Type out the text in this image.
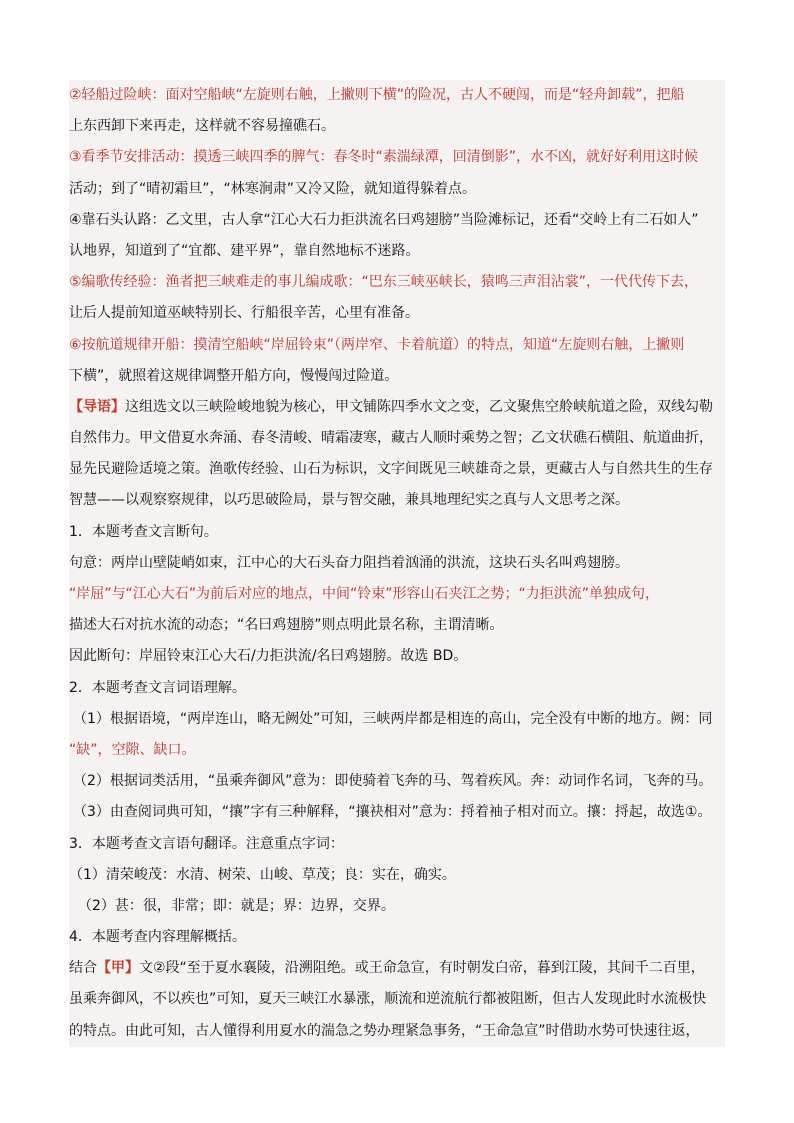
②轻船过险峡：面对空船峡“左旋则右触，上撇则下横”的险况，古人不硬闯，而是“轻舟卸载”，把船
上东西卸下来再走，这样就不容易撞礁石。
③看季节安排活动：摸透三峡四季的脾气：春冬时“素湍绿潭，回清倒影”，水不凶，就好好利用这时候
活动；到了“晴初霜旦”，“林寒涧肃”又冷又险，就知道得躲着点。
④靠石头认路：乙文里，古人拿“江心大石力拒洪流名曰鸡翅膀”当险滩标记，还看“交岭上有二石如人”
认地界，知道到了“宜都、建平界”，靠自然地标不迷路。
⑤编歌传经验：渔者把三峡难走的事儿编成歌：“巴东三峡巫峡长，猿鸣三声泪沾裳”，一代代传下去，
让后人提前知道巫峡特别长、行船很辛苦，心里有准备。
⑥按航道规律开船：摸清空船峡“岸屈铃束”（两岸窄、卡着航道）的特点，知道“左旋则右触，上撇则
下横”，就照着这规律调整开船方向，慢慢闯过险道。
【导语】这组选文以三峡险峻地貌为核心，甲文铺陈四季水文之变，乙文聚焦空舲峡航道之险，双线勾勒
自然伟力。甲文借夏水奔涌、春冬清峻、晴霜凄寒，藏古人顺时乘势之智；乙文状礁石横阻、航道曲折，
显先民避险适境之策。渔歌传经验、山石为标识，文字间既见三峡雄奇之景，更藏古人与自然共生的生存
智慧——以观察察规律，以巧思破险局，景与智交融，兼具地理纪实之真与人文思考之深。
1．本题考查文言断句。
句意：两岸山壁陡峭如束，江中心的大石头奋力阻挡着汹涌的洪流，这块石头名叫鸡翅膀。
“岸屈”与“江心大石”为前后对应的地点，中间“铃束”形容山石夹江之势；“力拒洪流”单独成句，
描述大石对抗水流的动态；“名曰鸡翅膀”则点明此景名称，主谓清晰。
因此断句：岸屈铃束江心大石/力拒洪流/名曰鸡翅膀。故选 BD。
2．本题考查文言词语理解。
（1）根据语境，“两岸连山，略无阙处”可知，三峡两岸都是相连的高山，完全没有中断的地方。阙：同
“缺”，空隙、缺口。
（2）根据词类活用，“虽乘奔御风”意为：即使骑着飞奔的马、驾着疾风。奔：动词作名词，飞奔的马。
（3）由查阅词典可知，“攘”字有三种解释，“攘袂相对”意为：捋着袖子相对而立。攘：捋起，故选①。
3．本题考查文言语句翻译。注意重点字词：
（1）清荣峻茂：水清、树荣、山峻、草茂；良：实在，确实。
（2）甚：很，非常；即：就是；界：边界，交界。
4．本题考查内容理解概括。
结合【甲】文②段“至于夏水襄陵，沿溯阻绝。或王命急宣，有时朝发白帝，暮到江陵，其间千二百里，
虽乘奔御风，不以疾也”可知，夏天三峡江水暴涨，顺流和逆流航行都被阻断，但古人发现此时水流极快
的特点。由此可知，古人懂得利用夏水的湍急之势办理紧急事务，“王命急宣”时借助水势可快速往返，
